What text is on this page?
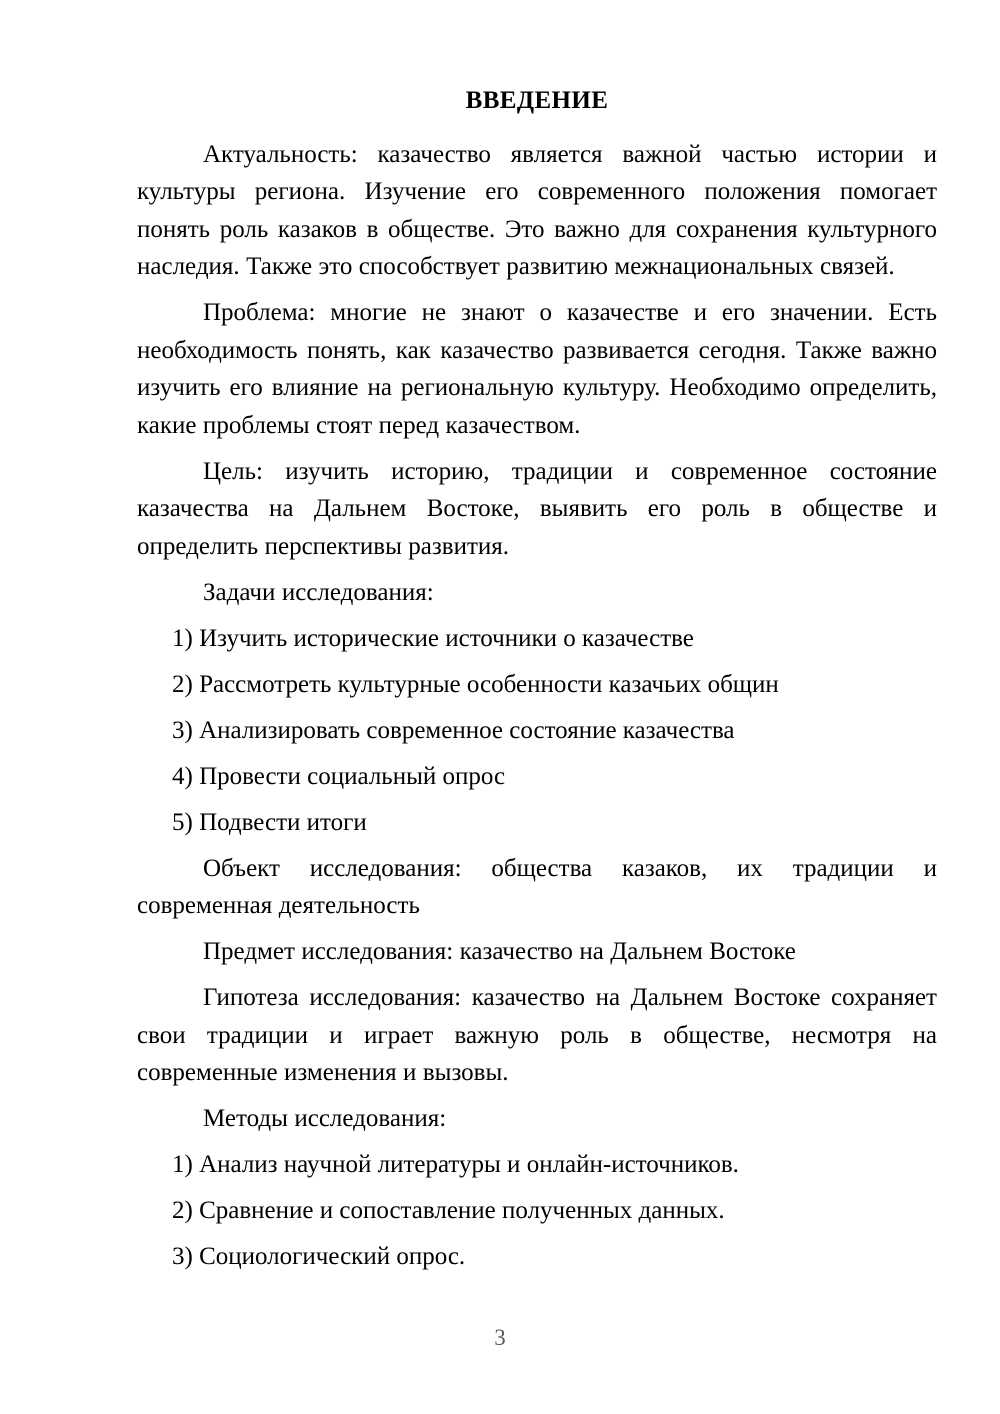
ВВЕДЕНИЕ

Актуальность: казачество является важной частью истории и культуры региона. Изучение его современного положения помогает понять роль казаков в обществе. Это важно для сохранения культурного наследия. Также это способствует развитию межнациональных связей.

Проблема: многие не знают о казачестве и его значении. Есть необходимость понять, как казачество развивается сегодня. Также важно изучить его влияние на региональную культуру. Необходимо определить, какие проблемы стоят перед казачеством.

Цель: изучить историю, традиции и современное состояние казачества на Дальнем Востоке, выявить его роль в обществе и определить перспективы развития.

Задачи исследования:

1) Изучить исторические источники о казачестве
2) Рассмотреть культурные особенности казачьих общин
3) Анализировать современное состояние казачества
4) Провести социальный опрос
5) Подвести итоги

Объект исследования: общества казаков, их традиции и современная деятельность

Предмет исследования: казачество на Дальнем Востоке

Гипотеза исследования: казачество на Дальнем Востоке сохраняет свои традиции и играет важную роль в обществе, несмотря на современные изменения и вызовы.

Методы исследования:

1) Анализ научной литературы и онлайн-источников.
2) Сравнение и сопоставление полученных данных.
3) Социологический опрос.
3
